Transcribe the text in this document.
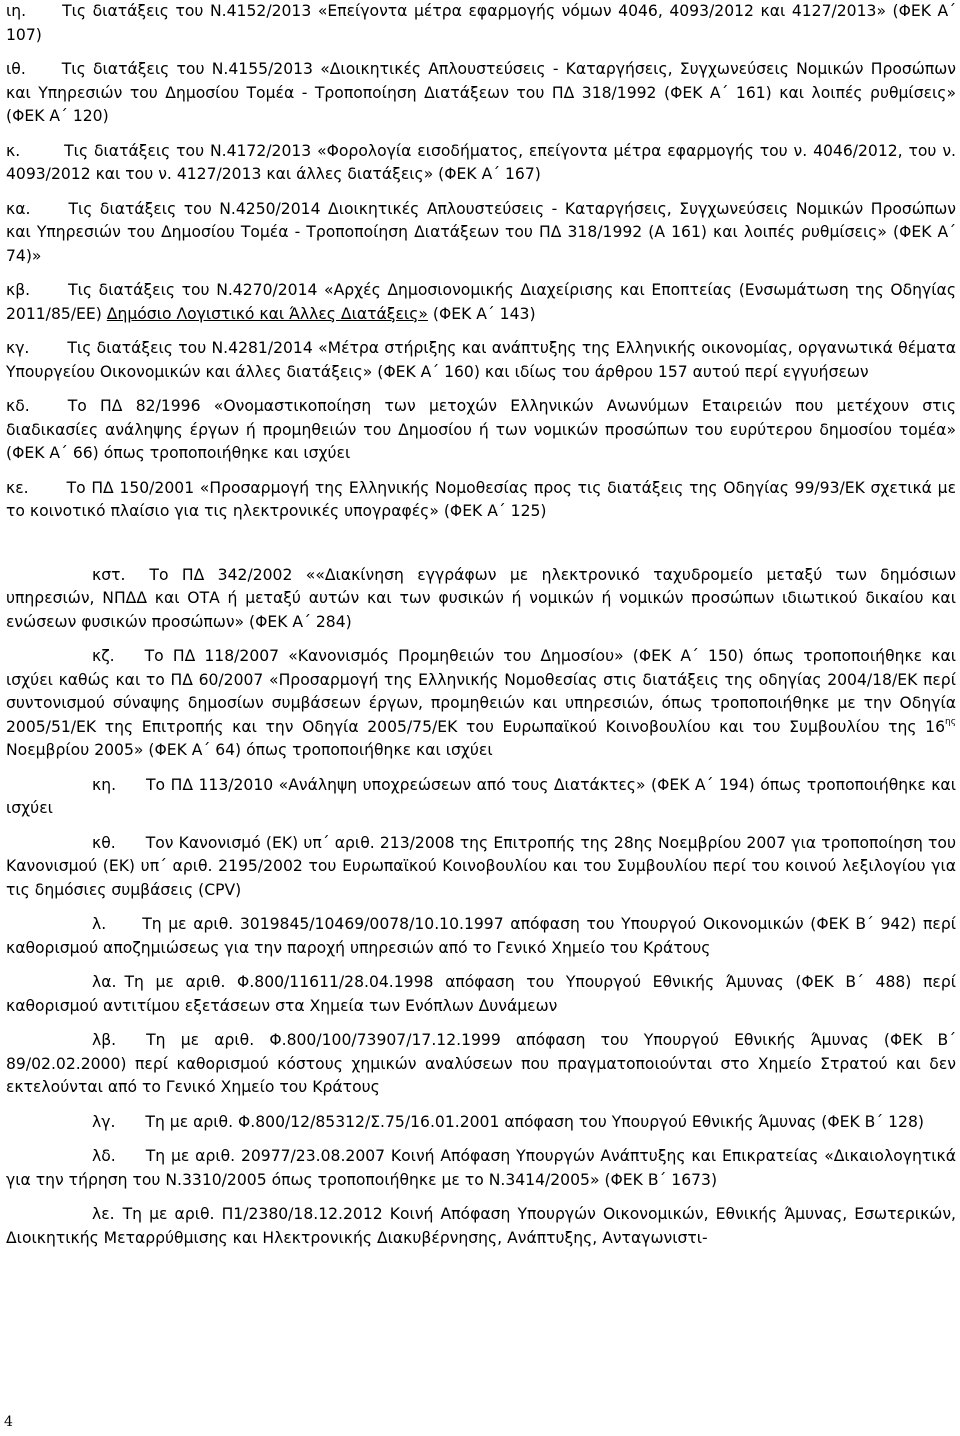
ιη. Τις διατάξεις του Ν.4152/2013 «Επείγοντα μέτρα εφαρμογής νόμων 4046, 4093/2012 και 4127/2013» (ΦΕΚ Α΄ 107)

ιθ. Τις διατάξεις του Ν.4155/2013 «Διοικητικές Απλουστεύσεις - Καταργήσεις, Συγχωνεύσεις Νομικών Προσώπων και Υπηρεσιών του Δημοσίου Τομέα - Τροποποίηση Διατάξεων του ΠΔ 318/1992 (ΦΕΚ Α΄ 161) και λοιπές ρυθμίσεις» (ΦΕΚ Α΄ 120)

κ.	Τις διατάξεις του Ν.4172/2013 «Φορολογία εισοδήματος, επείγοντα μέτρα εφαρμογής του ν. 4046/2012, του ν. 4093/2012 και του ν. 4127/2013 και άλλες διατάξεις» (ΦΕΚ Α΄ 167)

κα. Τις διατάξεις του Ν.4250/2014 Διοικητικές Απλουστεύσεις - Καταργήσεις, Συγχωνεύσεις Νομικών Προσώπων και Υπηρεσιών του Δημοσίου Τομέα - Τροποποίηση Διατάξεων του ΠΔ 318/1992 (Α 161) και λοιπές ρυθμίσεις» (ΦΕΚ Α΄ 74)»

κβ. Τις διατάξεις του Ν.4270/2014 «Αρχές Δημοσιονομικής Διαχείρισης και Εποπτείας (Ενσωμάτωση της Οδηγίας 2011/85/ΕΕ) Δημόσιο Λογιστικό και Άλλες Διατάξεις» (ΦΕΚ Α΄ 143)

κγ. Τις διατάξεις του Ν.4281/2014 «Μέτρα στήριξης και ανάπτυξης της Ελληνικής οικονομίας, οργανωτικά θέματα Υπουργείου Οικονομικών και άλλες διατάξεις» (ΦΕΚ Α΄ 160) και ιδίως του άρθρου 157 αυτού περί εγγυήσεων

κδ. Το ΠΔ 82/1996 «Ονομαστικοποίηση των μετοχών Ελληνικών Ανωνύμων Εταιρειών που μετέχουν στις διαδικασίες ανάληψης έργων ή προμηθειών του Δημοσίου ή των νομικών προσώπων του ευρύτερου δημοσίου τομέα» (ΦΕΚ Α΄ 66) όπως τροποποιήθηκε και ισχύει

κε. Το ΠΔ 150/2001 «Προσαρμογή της Ελληνικής Νομοθεσίας προς τις διατάξεις της Οδηγίας 99/93/ΕΚ σχετικά με το κοινοτικό πλαίσιο για τις ηλεκτρονικές υπογραφές» (ΦΕΚ Α΄ 125)

κστ. Το ΠΔ 342/2002 ««Διακίνηση εγγράφων με ηλεκτρονικό ταχυδρομείο μεταξύ των δημόσιων υπηρεσιών, ΝΠΔΔ και ΟΤΑ ή μεταξύ αυτών και των φυσικών ή νομικών ή νομικών προσώπων ιδιωτικού δικαίου και ενώσεων φυσικών προσώπων» (ΦΕΚ Α΄ 284)

κζ. Το ΠΔ 118/2007 «Κανονισμός Προμηθειών του Δημοσίου» (ΦΕΚ Α΄ 150) όπως τροποποιήθηκε και ισχύει καθώς και το ΠΔ 60/2007 «Προσαρμογή της Ελληνικής Νομοθεσίας στις διατάξεις της οδηγίας 2004/18/ΕΚ περί συντονισμού σύναψης δημοσίων συμβάσεων έργων, προμηθειών και υπηρεσιών, όπως τροποποιήθηκε με την Οδηγία 2005/51/ΕΚ της Επιτροπής και την Οδηγία 2005/75/ΕΚ του Ευρωπαϊκού Κοινοβουλίου και του Συμβουλίου της $16^{\eta\varsigma}$ Νοεμβρίου 2005» (ΦΕΚ Α΄ 64) όπως τροποποιήθηκε και ισχύει

κη. Το ΠΔ 113/2010 «Ανάληψη υποχρεώσεων από τους Διατάκτες» (ΦΕΚ Α΄ 194) όπως τροποποιήθηκε και ισχύει

κθ. Τον Κανονισμό (ΕΚ) υπ΄ αριθ. 213/2008 της Επιτροπής της 28ης Νοεμβρίου 2007 για τροποποίηση του Κανονισμού (ΕΚ) υπ΄ αριθ. 2195/2002 του Ευρωπαϊκού Κοινοβουλίου και του Συμβουλίου περί του κοινού λεξιλογίου για τις δημόσιες συμβάσεις (CPV)

λ. Τη με αριθ. 3019845/10469/0078/10.10.1997 απόφαση του Υπουργού Οικονομικών (ΦΕΚ Β΄ 942) περί καθορισμού αποζημιώσεως για την παροχή υπηρεσιών από το Γενικό Χημείο του Κράτους

λα. Τη με αριθ. Φ.800/11611/28.04.1998 απόφαση του Υπουργού Εθνικής Άμυνας (ΦΕΚ Β΄ 488) περί καθορισμού αντιτίμου εξετάσεων στα Χημεία των Ενόπλων Δυνάμεων

λβ. Τη με αριθ. Φ.800/100/73907/17.12.1999 απόφαση του Υπουργού Εθνικής Άμυνας (ΦΕΚ Β΄ 89/02.02.2000) περί καθορισμού κόστους χημικών αναλύσεων που πραγματοποιούνται στο Χημείο Στρατού και δεν εκτελούνται από το Γενικό Χημείο του Κράτους

λγ. Τη με αριθ. Φ.800/12/85312/Σ.75/16.01.2001 απόφαση του Υπουργού Εθνικής Άμυνας (ΦΕΚ Β΄ 128)

λδ. Τη με αριθ. 20977/23.08.2007 Κοινή Απόφαση Υπουργών Ανάπτυξης και Επικρατείας «Δικαιολογητικά για την τήρηση του Ν.3310/2005 όπως τροποποιήθηκε με το Ν.3414/2005» (ΦΕΚ Β΄ 1673)

λε. Τη με αριθ. Π1/2380/18.12.2012 Κοινή Απόφαση Υπουργών Οικονομικών, Εθνικής Άμυνας, Εσωτερικών, Διοικητικής Μεταρρύθμισης και Ηλεκτρονικής Διακυβέρνησης, Ανάπτυξης, Ανταγωνιστι-

4
